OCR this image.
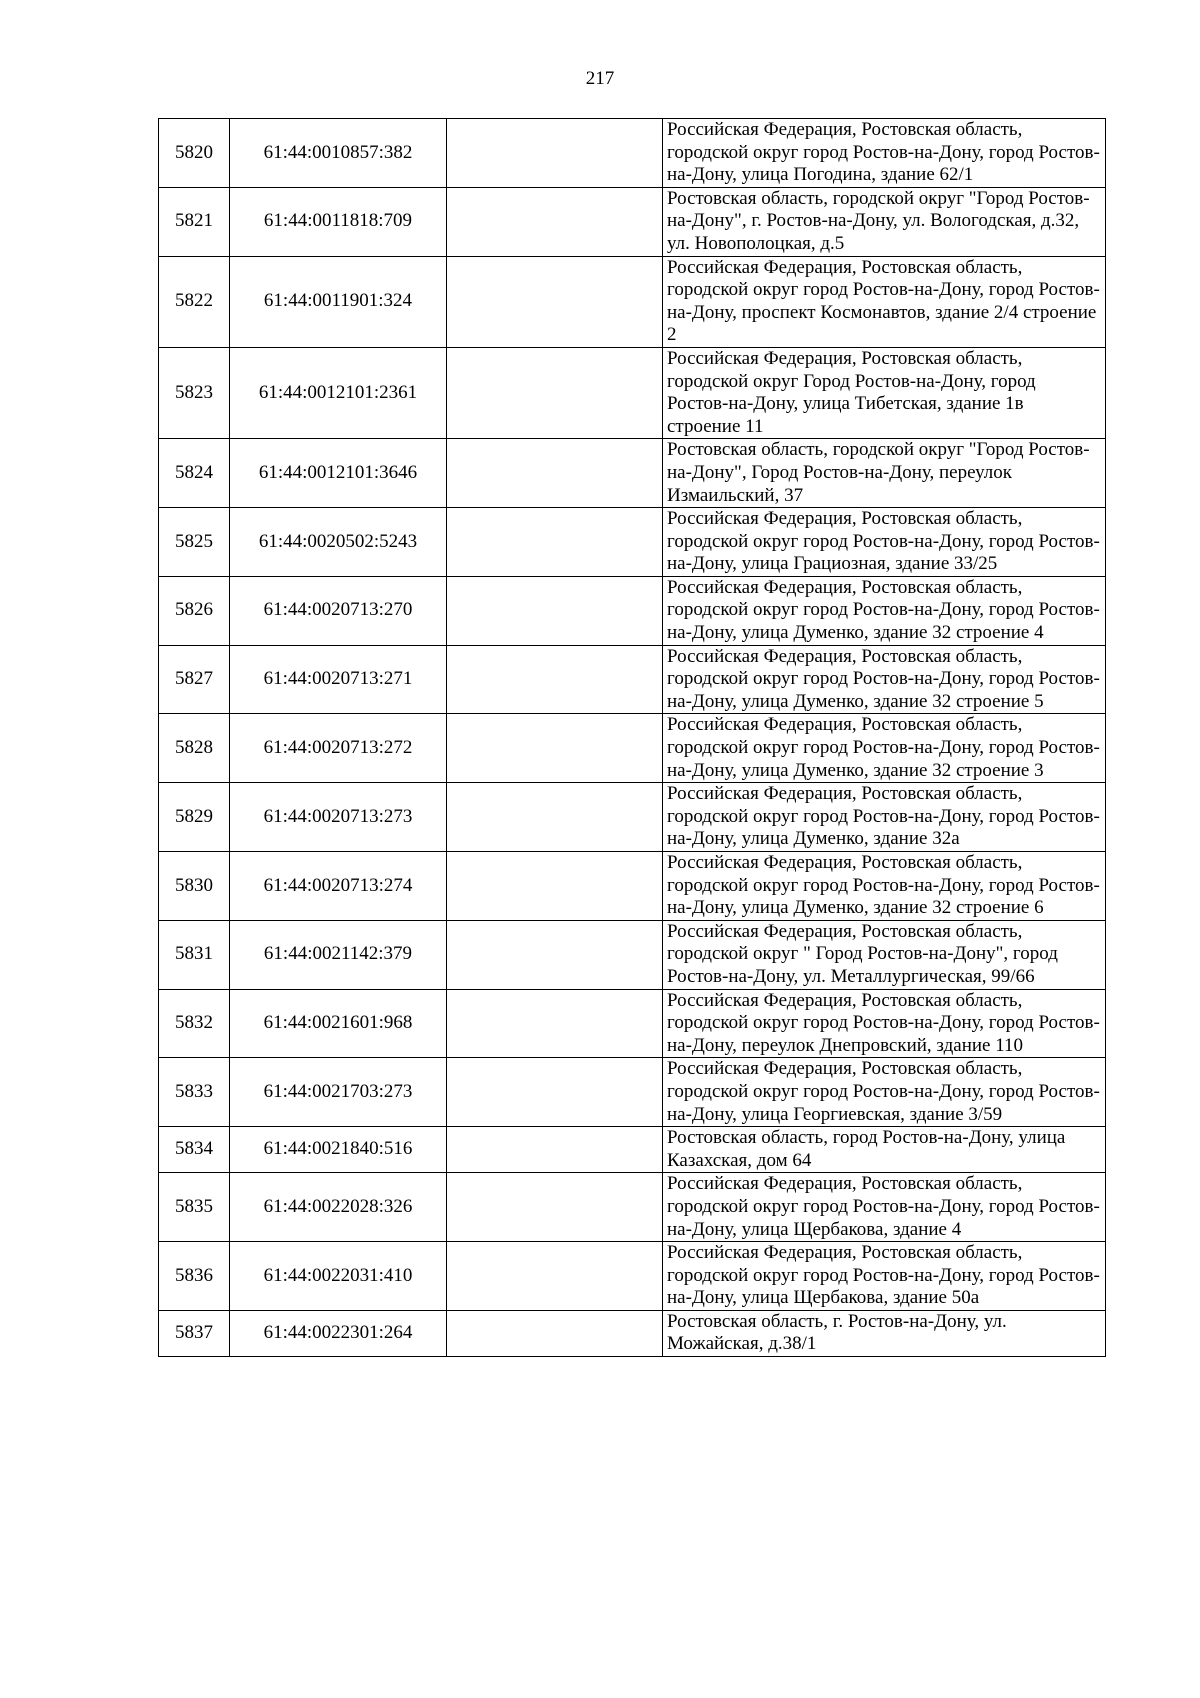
217
5820	61:44:0010857:382		Российская Федерация, Ростовская область, городской округ город Ростов-на-Дону, город Ростов-на-Дону, улица Погодина, здание 62/1
5821	61:44:0011818:709		Ростовская область, городской округ "Город Ростов-на-Дону", г. Ростов-на-Дону, ул. Вологодская, д.32, ул. Новополоцкая, д.5
5822	61:44:0011901:324		Российская Федерация, Ростовская область, городской округ город Ростов-на-Дону, город Ростов-на-Дону, проспект Космонавтов, здание 2/4 строение 2
5823	61:44:0012101:2361		Российская Федерация, Ростовская область, городской округ Город Ростов-на-Дону, город Ростов-на-Дону, улица Тибетская, здание 1в строение 11
5824	61:44:0012101:3646		Ростовская область, городской округ "Город Ростов-на-Дону", Город Ростов-на-Дону, переулок Измаильский, 37
5825	61:44:0020502:5243		Российская Федерация, Ростовская область, городской округ город Ростов-на-Дону, город Ростов-на-Дону, улица Грациозная, здание 33/25
5826	61:44:0020713:270		Российская Федерация, Ростовская область, городской округ город Ростов-на-Дону, город Ростов-на-Дону, улица Думенко, здание 32 строение 4
5827	61:44:0020713:271		Российская Федерация, Ростовская область, городской округ город Ростов-на-Дону, город Ростов-на-Дону, улица Думенко, здание 32 строение 5
5828	61:44:0020713:272		Российская Федерация, Ростовская область, городской округ город Ростов-на-Дону, город Ростов-на-Дону, улица Думенко, здание 32 строение 3
5829	61:44:0020713:273		Российская Федерация, Ростовская область, городской округ город Ростов-на-Дону, город Ростов-на-Дону, улица Думенко, здание 32а
5830	61:44:0020713:274		Российская Федерация, Ростовская область, городской округ город Ростов-на-Дону, город Ростов-на-Дону, улица Думенко, здание 32 строение 6
5831	61:44:0021142:379		Российская Федерация, Ростовская область, городской округ " Город Ростов-на-Дону", город Ростов-на-Дону, ул. Металлургическая, 99/66
5832	61:44:0021601:968		Российская Федерация, Ростовская область, городской округ город Ростов-на-Дону, город Ростов-на-Дону, переулок Днепровский, здание 110
5833	61:44:0021703:273		Российская Федерация, Ростовская область, городской округ город Ростов-на-Дону, город Ростов-на-Дону, улица Георгиевская, здание 3/59
5834	61:44:0021840:516		Ростовская область, город Ростов-на-Дону, улица Казахская, дом 64
5835	61:44:0022028:326		Российская Федерация, Ростовская область, городской округ город Ростов-на-Дону, город Ростов-на-Дону, улица Щербакова, здание 4
5836	61:44:0022031:410		Российская Федерация, Ростовская область, городской округ город Ростов-на-Дону, город Ростов-на-Дону, улица Щербакова, здание 50а
5837	61:44:0022301:264		Ростовская область, г. Ростов-на-Дону, ул. Можайская, д.38/1
